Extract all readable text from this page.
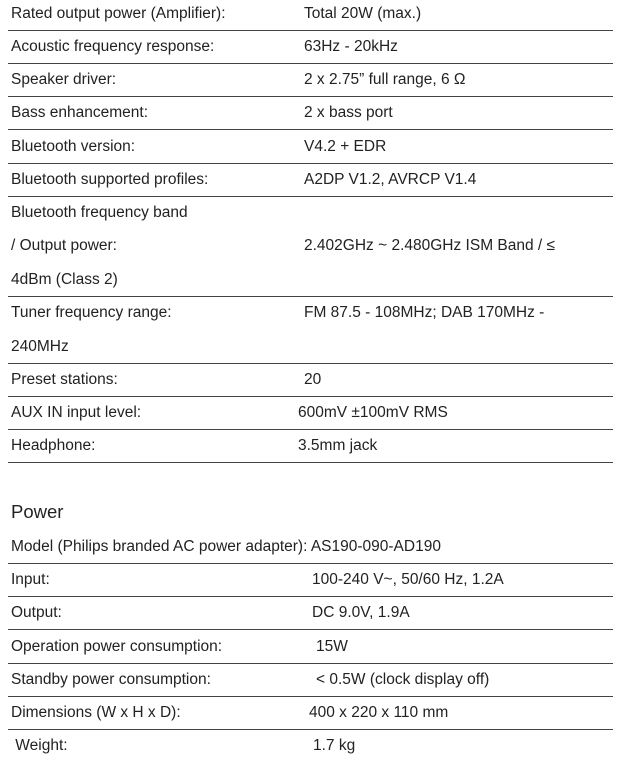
Rated output power (Amplifier):	Total 20W (max.)
Acoustic frequency response:	63Hz - 20kHz
Speaker driver:	2 x 2.75” full range, 6 Ω
Bass enhancement:	2 x bass port
Bluetooth version:	V4.2 + EDR
Bluetooth supported profiles:	A2DP V1.2, AVRCP V1.4
Bluetooth frequency band
/ Output power:	2.402GHz ~ 2.480GHz ISM Band / ≤
4dBm (Class 2)
Tuner frequency range:	FM 87.5 - 108MHz; DAB 170MHz -
240MHz
Preset stations:	20
AUX IN input level:	600mV ±100mV RMS
Headphone:	3.5mm jack
Power
Model (Philips branded AC power adapter): AS190-090-AD190
Input:	100-240 V~, 50/60 Hz, 1.2A
Output:	DC 9.0V, 1.9A
Operation power consumption:	15W
Standby power consumption:	< 0.5W (clock display off)
Dimensions (W x H x D):	400 x 220 x 110 mm
Weight:	1.7 kg
